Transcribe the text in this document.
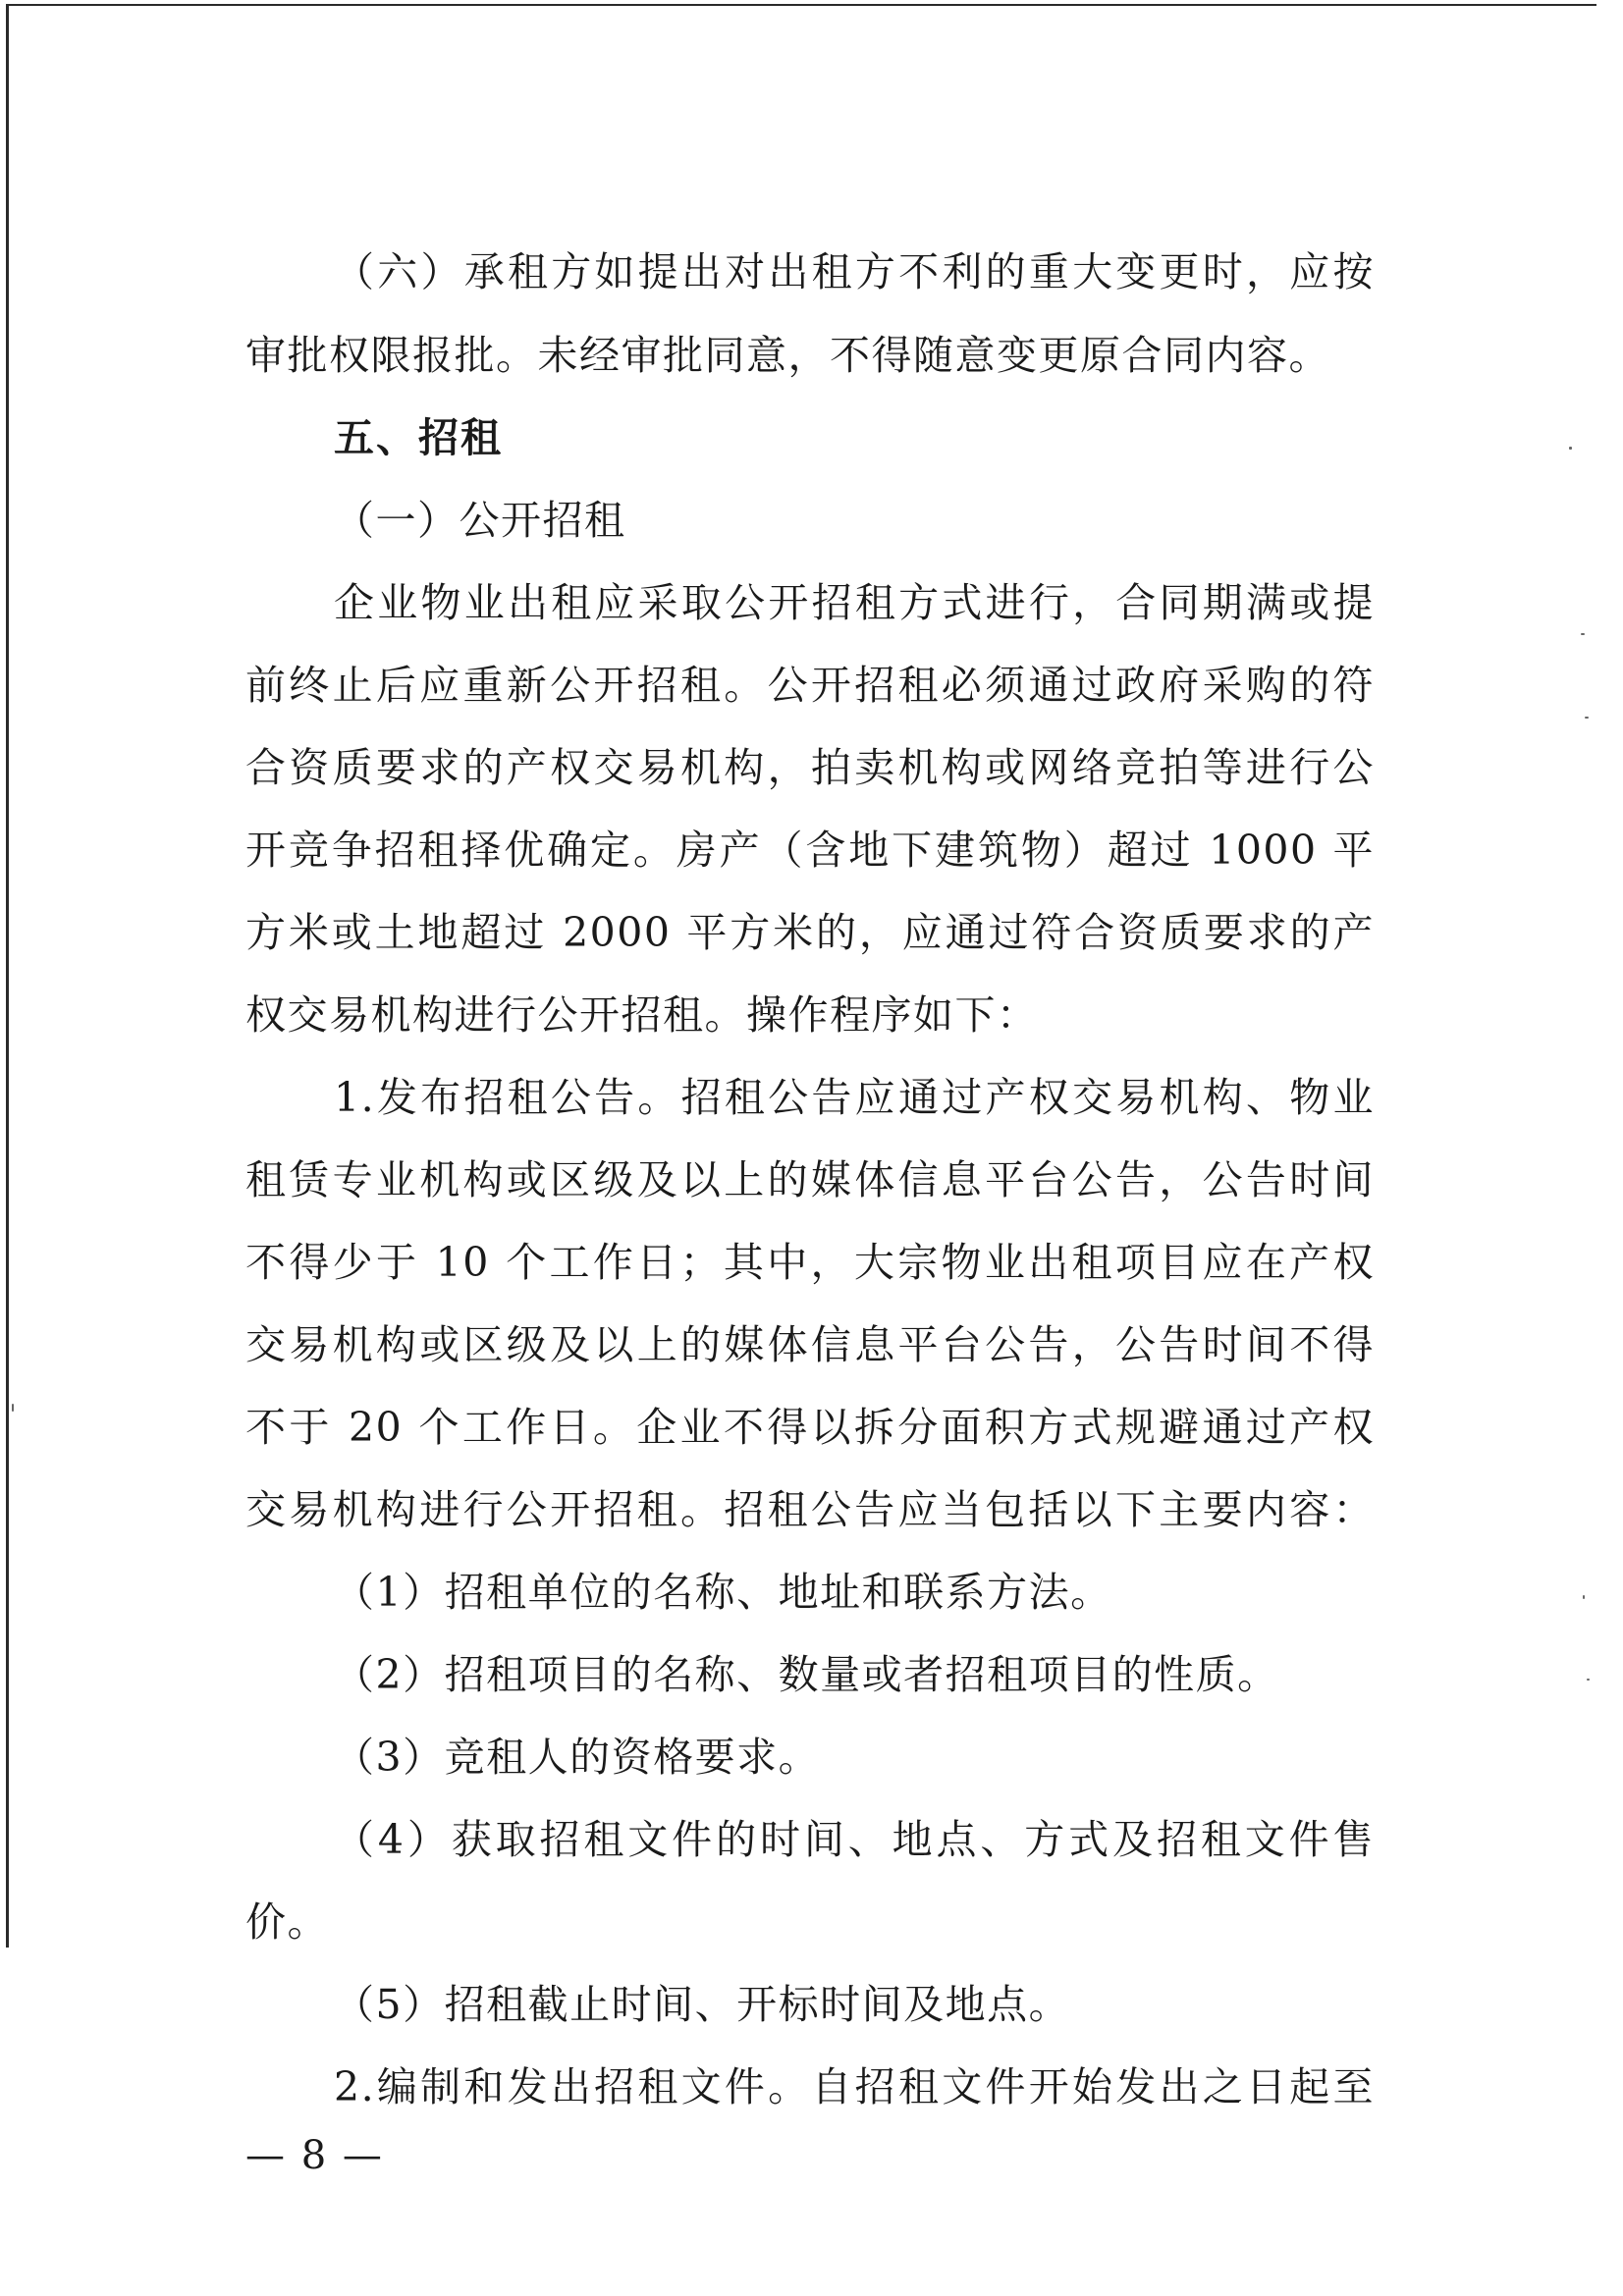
（六）承租方如提出对出租方不利的重大变更时，应按
审批权限报批。未经审批同意，不得随意变更原合同内容。
五、招租
（一）公开招租
企业物业出租应采取公开招租方式进行，合同期满或提
前终止后应重新公开招租。公开招租必须通过政府采购的符
合资质要求的产权交易机构，拍卖机构或网络竞拍等进行公
开竞争招租择优确定。房产（含地下建筑物）超过 1000 平
方米或土地超过 2000 平方米的，应通过符合资质要求的产
权交易机构进行公开招租。操作程序如下：
1.发布招租公告。招租公告应通过产权交易机构、物业
租赁专业机构或区级及以上的媒体信息平台公告，公告时间
不得少于 10 个工作日；其中，大宗物业出租项目应在产权
交易机构或区级及以上的媒体信息平台公告，公告时间不得
不于 20 个工作日。企业不得以拆分面积方式规避通过产权
交易机构进行公开招租。招租公告应当包括以下主要内容：
（1）招租单位的名称、地址和联系方法。
（2）招租项目的名称、数量或者招租项目的性质。
（3）竞租人的资格要求。
（4）获取招租文件的时间、地点、方式及招租文件售
价。
（5）招租截止时间、开标时间及地点。
2.编制和发出招租文件。自招租文件开始发出之日起至
— 8 —
